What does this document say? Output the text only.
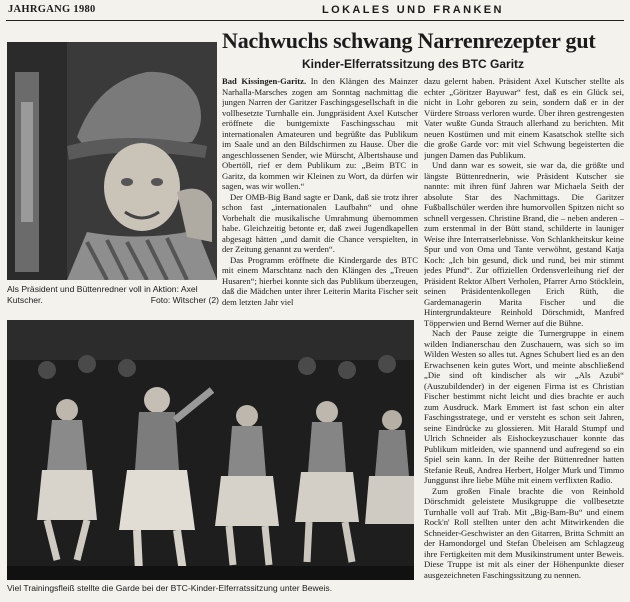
JAHRGANG 1980	LOKALES UND FRANKEN
Nachwuchs schwang Narrenrezepter gut
Kinder-Elferratssitzung des BTC Garitz
Als Präsident und Büttenredner voll in Aktion: Axel Kutscher.	Foto: Witscher (2)
Viel Trainingsfleiß stellte die Garde bei der BTC-Kinder-Elferratssitzung unter Beweis.

Bad Kissingen-Garitz. In den Klängen des Mainzer Narhalla-Marsches zogen am Sonntag nachmittag die jungen Narren der Garitzer Faschingsgesellschaft in die vollbesetzte Turnhalle ein. Jungpräsident Axel Kutscher eröffnete die buntgemixte Faschingsschau mit internationalen Amateuren und begrüßte das Publikum im Saale und an den Bildschirmen zu Hause. Über die angeschlossenen Sender, wie Mürscht, Albertshause und Obertöll, rief er dem Publikum zu: „Beim BTC in Garitz, da kommen wir Kleinen zu Wort, da dürfen wir sagen, was wir wollen.“

Der OMB-Big Band sagte er Dank, daß sie trotz ihrer schon fast „internationalen Laufbahn“ und ohne Vorbehalt die musikalische Umrahmung übernommen habe. Gleichzeitig betonte er, daß zwei Jugendkapellen abgesagt hätten „und damit die Chance verspielten, in der Zeitung genannt zu werden“.

Das Programm eröffnete die Kindergarde des BTC mit einem Marschtanz nach den Klängen des „Treuen Husaren“; hierbei konnte sich das Publikum überzeugen, daß die Mädchen unter ihrer Leiterin Marita Fischer seit dem letzten Jahr viel

dazu gelernt haben. Präsident Axel Kutscher stellte als echter „Göritzer Bayuwar“ fest, daß es ein Glück sei, nicht in Lohr geboren zu sein, sondern daß er in der Vürdere Stroass verloren wurde. Über ihren gestrengesten Vater wußte Gunda Strauch allerhand zu berichten. Mit neuen Kostümen und mit einem Kasatschok stellte sich die große Garde vor: mit viel Schwung begeisterten die jungen Damen das Publikum.

Und dann war es soweit, sie war da, die größte und längste Büttenrednerin, wie Präsident Kutscher sie nannte: mit ihren fünf Jahren war Michaela Seith der absolute Star des Nachmittags. Die Garitzer Fußballschüler werden ihre humorvollen Spitzen nicht so schnell vergessen. Christine Brand, die – neben anderen – zum erstenmal in der Bütt stand, schilderte in launiger Weise ihre Interratserlebnisse. Von Schlankheitskur keine Spur und von Oma und Tante verwöhnt, gestand Katja Koch: „Ich bin gesund, dick und rund, bei mir stimmt jedes Pfund“. Zur offiziellen Ordensverleihung rief der Präsident Rektor Albert Verholen, Pfarrer Arno Stöcklein, seinen Präsidentenkollegen Erich Rüth, die Gardemanagerin Marita Fischer und die Hintergrundakteure Reinhold Dörschmidt, Manfred Töpperwien und Bernd Werner auf die Bühne.

Nach der Pause zeigte die Turnergruppe in einem wilden Indianerschau den Zuschauern, was sich so im Wilden Westen so alles tut. Agnes Schubert lied es an den Erwachsenen kein gutes Wort, und meinte abschließend „Die sind oft kindischer als wir „Als Azubi“ (Auszubildender) in der eigenen Firma ist es Christian Fischer bestimmt nicht leicht und dies brachte er auch zum Ausdruck. Mark Emmert ist fast schon ein alter Faschingsstratege, und er versteht es schon seit Jahren, seine Eindrücke zu glossieren. Mit Harald Stumpf und Ulrich Schneider als Eishockeyzuschauer konnte das Publikum mitleiden, wie spannend und aufregend so ein Spiel sein kann. In der Reihe der Büttenredner hatten Stefanie Reuß, Andrea Herbert, Holger Murk und Timmo Junggunst ihre liebe Mühe mit einem verflixten Radio.

Zum großen Finale brachte die von Reinhold Dörschmidt geleistete Musikgruppe die vollbesetzte Turnhalle voll auf Trab. Mit „Big-Bam-Bu“ und einem Rock'n' Roll stellten unter den acht Mitwirkenden die Schneider-Geschwister an den Gitarren, Britta Schmitt an der Hamondorgel und Stefan Übeleisen am Schlagzeug ihre Fertigkeiten mit dem Musikinstrument unter Beweis. Diese Truppe ist mit als einer der Höhenpunkte dieser ausgezeichneten Faschingssitzung zu nennen.
